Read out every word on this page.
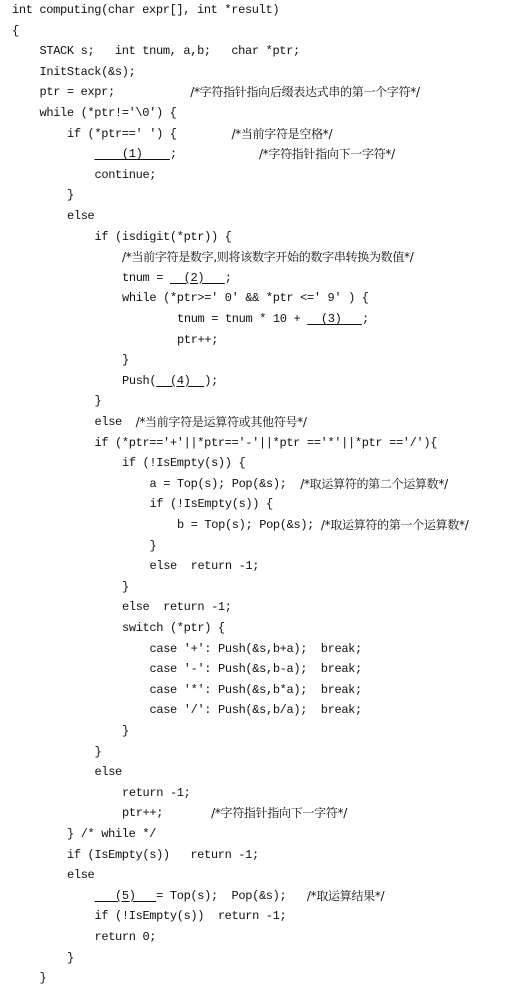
int computing(char expr[], int *result)
{
STACK s;   int tnum, a,b;   char *ptr;
InitStack(&s);
ptr = expr;           /*字符指针指向后缀表达式串的第一个字符*/
while (*ptr!='\0') {
if (*ptr==' ') {        /*当前字符是空格*/
(1)    ;            /*字符指针指向下一字符*/
continue;
}
else
if (isdigit(*ptr)) {
/*当前字符是数字,则将该数字开始的数字串转换为数值*/
tnum =   (2)   ;
while (*ptr>=' 0' && *ptr <=' 9' ) {
tnum = tnum * 10 +   (3)   ;
ptr++;
}
Push(  (4)  );
}
else  /*当前字符是运算符或其他符号*/
if (*ptr=='+'||*ptr=='-'||*ptr =='*'||*ptr =='/'){
if (!IsEmpty(s)) {
a = Top(s); Pop(&s);  /*取运算符的第二个运算数*/
if (!IsEmpty(s)) {
b = Top(s); Pop(&s); /*取运算符的第一个运算数*/
}
else  return -1;
}
else  return -1;
switch (*ptr) {
case '+': Push(&s,b+a);  break;
case '-': Push(&s,b-a);  break;
case '*': Push(&s,b*a);  break;
case '/': Push(&s,b/a);  break;
}
}
else
return -1;
ptr++;       /*字符指针指向下一字符*/
} /* while */
if (IsEmpty(s))   return -1;
else
(5)   = Top(s);  Pop(&s);   /*取运算结果*/
if (!IsEmpty(s))  return -1;
return 0;
}
}
